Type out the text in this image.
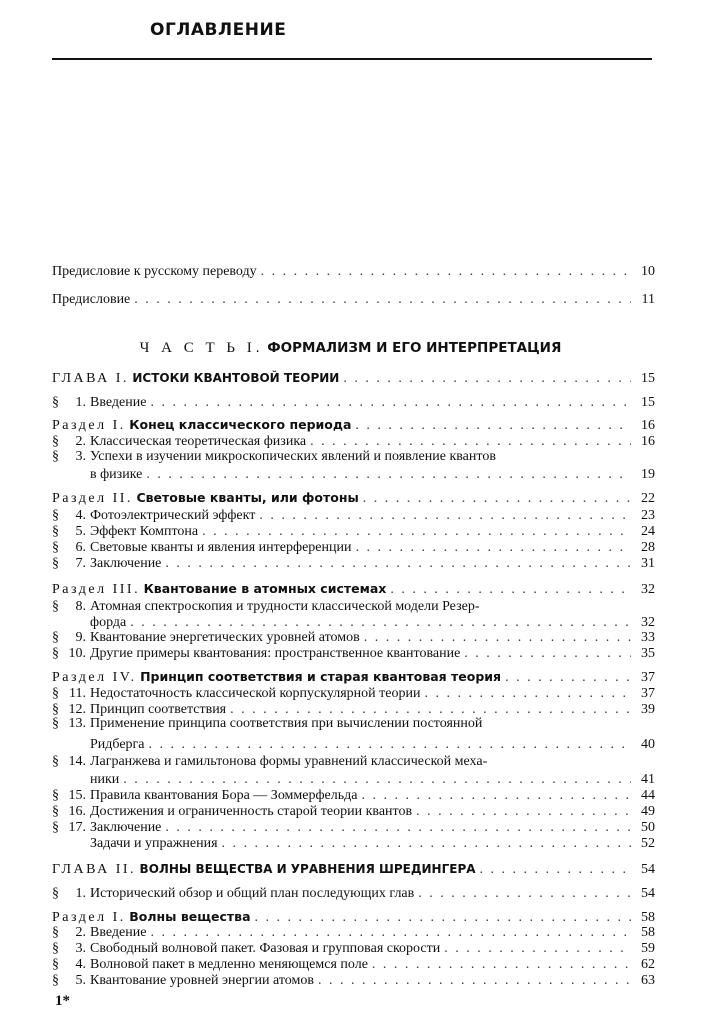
ОГЛАВЛЕНИЕ
Предисловие к русскому переводу . . .	10
Предисловие . . .	11
Ч А С Т Ь I. ФОРМАЛИЗМ И ЕГО ИНТЕРПРЕТАЦИЯ
ГЛАВА I. ИСТОКИ КВАНТОВОЙ ТЕОРИИ . . .	15
§ 1. Введение . . .	15
Раздел I. Конец классического периода . . .	16
§ 2. Классическая теоретическая физика . . .	16
§ 3. Успехи в изучении микроскопических явлений и появление квантов
в физике . . .	19
Раздел II. Световые кванты, или фотоны . . .	22
§ 4. Фотоэлектрический эффект . . .	23
§ 5. Эффект Комптона . . .	24
§ 6. Световые кванты и явления интерференции . . .	28
§ 7. Заключение . . .	31
Раздел III. Квантование в атомных системах . . .	32
§ 8. Атомная спектроскопия и трудности классической модели Резер-
форда . . .	32
§ 9. Квантование энергетических уровней атомов . . .	33
§ 10. Другие примеры квантования: пространственное квантование . . .	35
Раздел IV. Принцип соответствия и старая квантовая теория . . .	37
§ 11. Недостаточность классической корпускулярной теории . . .	37
§ 12. Принцип соответствия . . .	39
§ 13. Применение принципа соответствия при вычислении постоянной
Ридберга . . .	40
§ 14. Лагранжева и гамильтонова формы уравнений классической меха-
ники . . .	41
§ 15. Правила квантования Бора — Зоммерфельда . . .	44
§ 16. Достижения и ограниченность старой теории квантов . . .	49
§ 17. Заключение . . .	50
Задачи и упражнения . . .	52
ГЛАВА II. ВОЛНЫ ВЕЩЕСТВА И УРАВНЕНИЯ ШРЕДИНГЕРА . . .	54
§ 1. Исторический обзор и общий план последующих глав . . .	54
Раздел I. Волны вещества . . .	58
§ 2. Введение . . .	58
§ 3. Свободный волновой пакет. Фазовая и групповая скорости . . .	59
§ 4. Волновой пакет в медленно меняющемся поле . . .	62
§ 5. Квантование уровней энергии атомов . . .	63
1*
